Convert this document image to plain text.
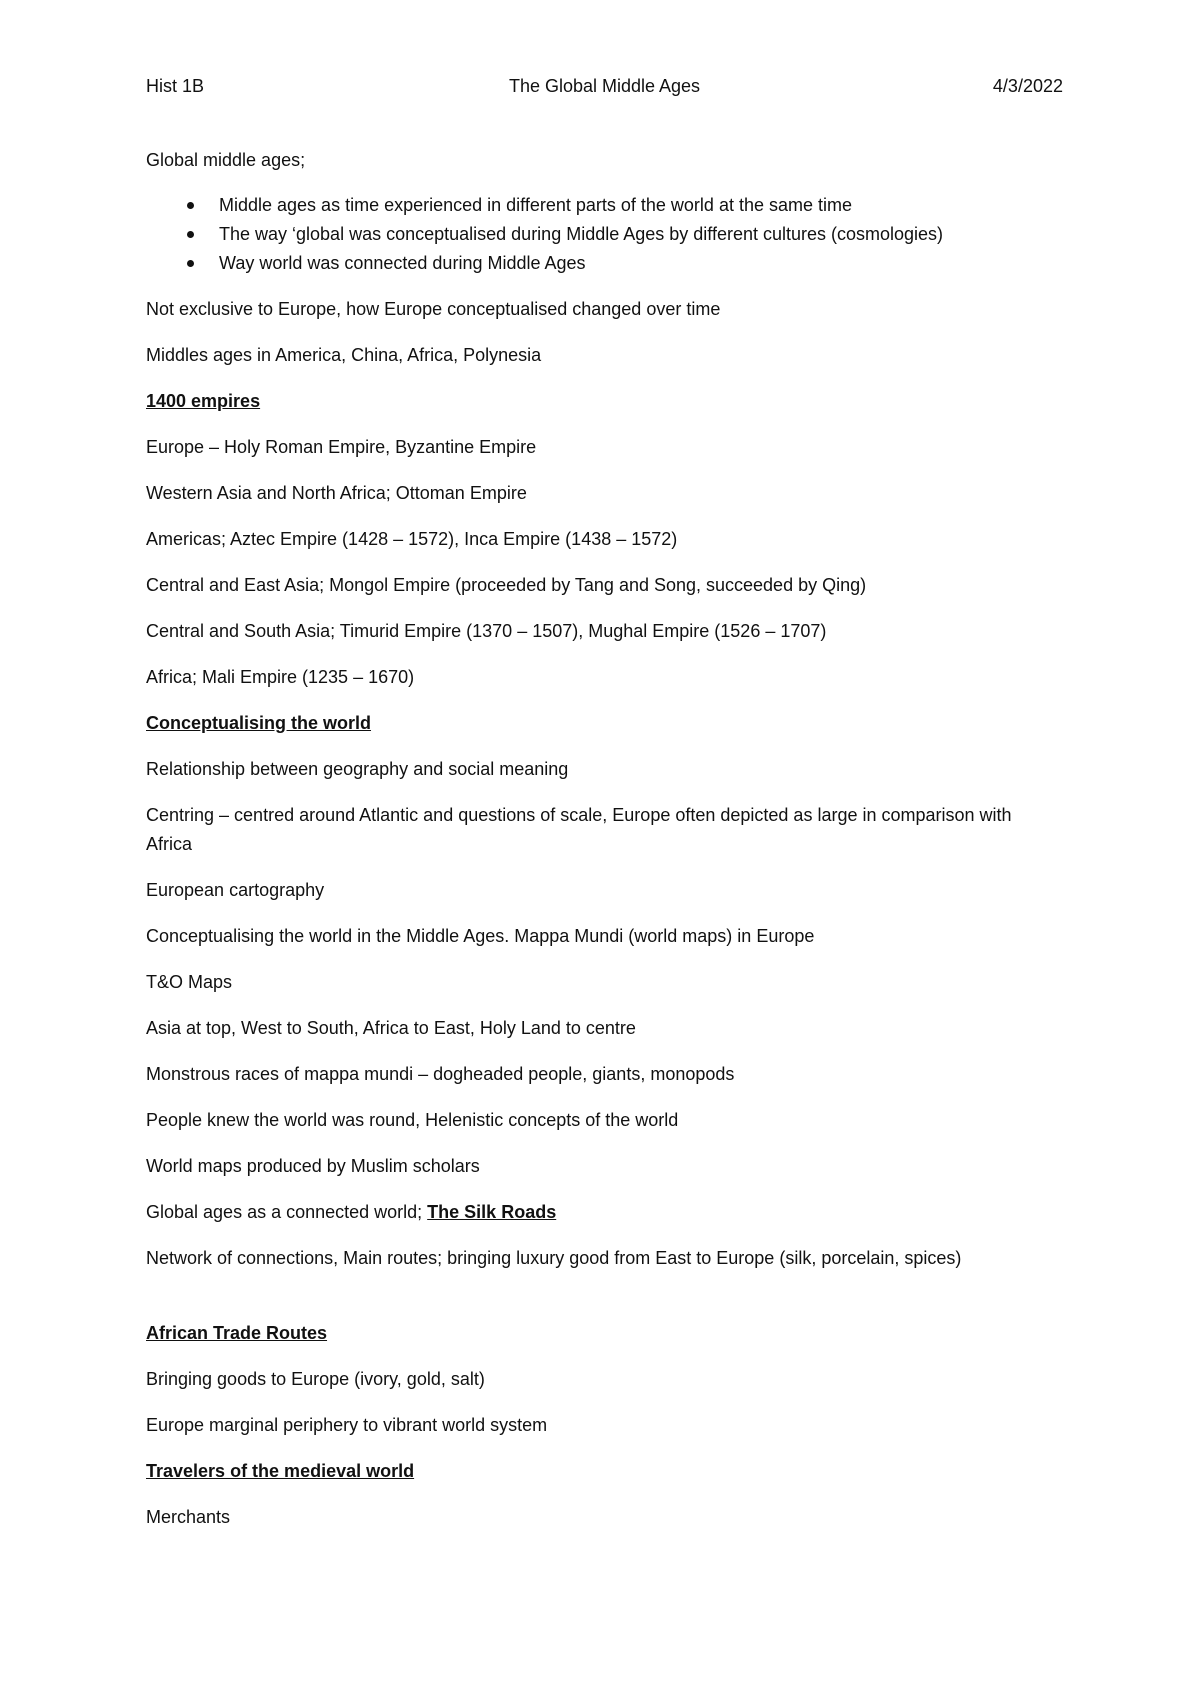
Hist 1B	The Global Middle Ages	4/3/2022
Global middle ages;
Middle ages as time experienced in different parts of the world at the same time
The way ‘global was conceptualised during Middle Ages by different cultures (cosmologies)
Way world was connected during Middle Ages
Not exclusive to Europe, how Europe conceptualised changed over time
Middles ages in America, China, Africa, Polynesia
1400 empires
Europe – Holy Roman Empire, Byzantine Empire
Western Asia and North Africa; Ottoman Empire
Americas; Aztec Empire (1428 – 1572), Inca Empire (1438 – 1572)
Central and East Asia; Mongol Empire (proceeded by Tang and Song, succeeded by Qing)
Central and South Asia; Timurid Empire (1370 – 1507), Mughal Empire (1526 – 1707)
Africa; Mali Empire (1235 – 1670)
Conceptualising the world
Relationship between geography and social meaning
Centring – centred around Atlantic and questions of scale, Europe often depicted as large in comparison with Africa
European cartography
Conceptualising the world in the Middle Ages. Mappa Mundi (world maps) in Europe
T&O Maps
Asia at top, West to South, Africa to East, Holy Land to centre
Monstrous races of mappa mundi – dogheaded people, giants, monopods
People knew the world was round, Helenistic concepts of the world
World maps produced by Muslim scholars
Global ages as a connected world; The Silk Roads
Network of connections, Main routes; bringing luxury good from East to Europe (silk, porcelain, spices)
African Trade Routes
Bringing goods to Europe (ivory, gold, salt)
Europe marginal periphery to vibrant world system
Travelers of the medieval world
Merchants
